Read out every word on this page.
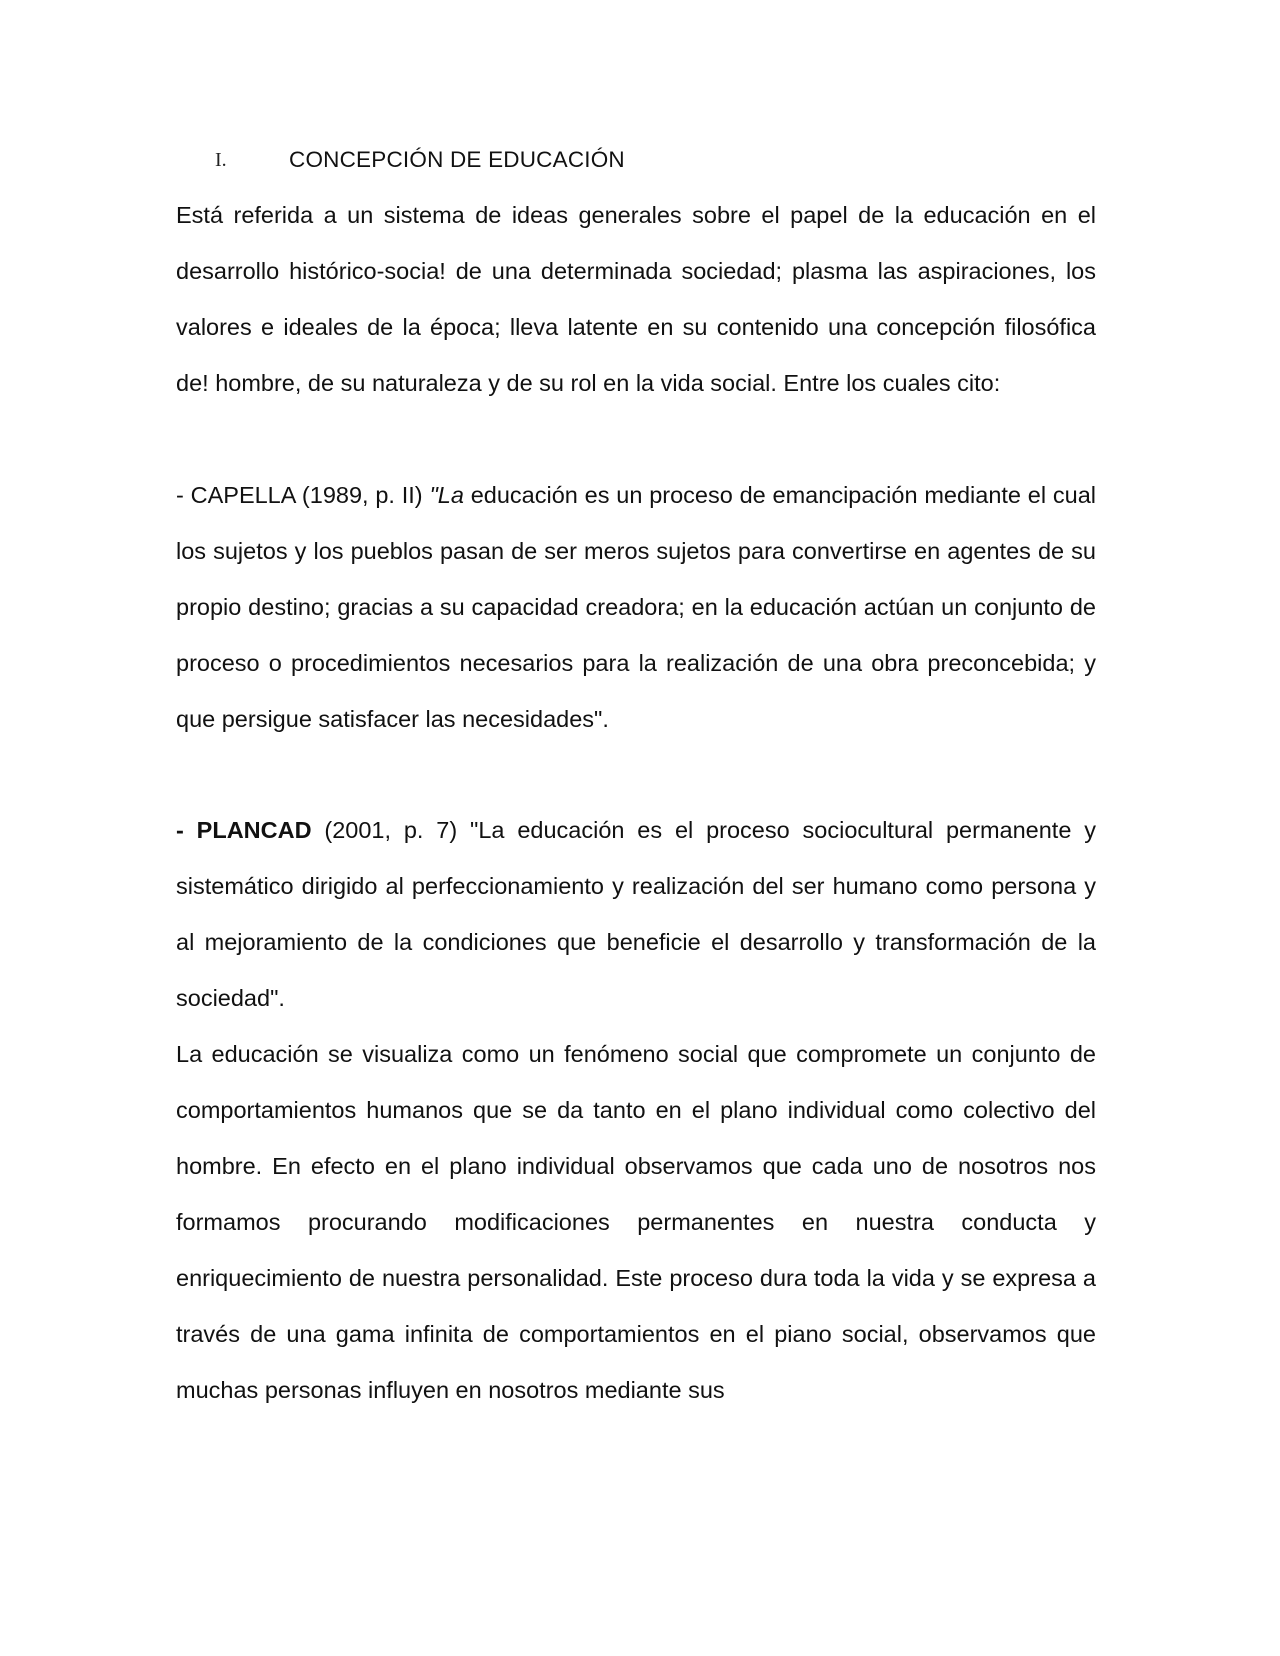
I.	CONCEPCIÓN DE EDUCACIÓN

Está referida a un sistema de ideas generales sobre el papel de la educación en el desarrollo histórico-socia! de una determinada sociedad; plasma las aspiraciones, los valores e ideales de la época; lleva latente en su contenido una concepción filosófica de! hombre, de su naturaleza y de su rol en la vida social. Entre los cuales cito:

- CAPELLA (1989, p. II) "La educación es un proceso de emancipación mediante el cual los sujetos y los pueblos pasan de ser meros sujetos para convertirse en agentes de su propio destino; gracias a su capacidad creadora; en la educación actúan un conjunto de proceso o procedimientos necesarios para la realización de una obra preconcebida; y que persigue satisfacer las necesidades".

- PLANCAD (2001, p. 7) "La educación es el proceso sociocultural permanente y sistemático dirigido al perfeccionamiento y realización del ser humano como persona y al mejoramiento de la condiciones que beneficie el desarrollo y transformación de la sociedad".

La educación se visualiza como un fenómeno social que compromete un conjunto de comportamientos humanos que se da tanto en el plano individual como colectivo del hombre. En efecto en el plano individual observamos que cada uno de nosotros nos formamos procurando modificaciones permanentes en nuestra conducta y enriquecimiento de nuestra personalidad. Este proceso dura toda la vida y se expresa a través de una gama infinita de comportamientos en el piano social, observamos que muchas personas influyen en nosotros mediante sus
